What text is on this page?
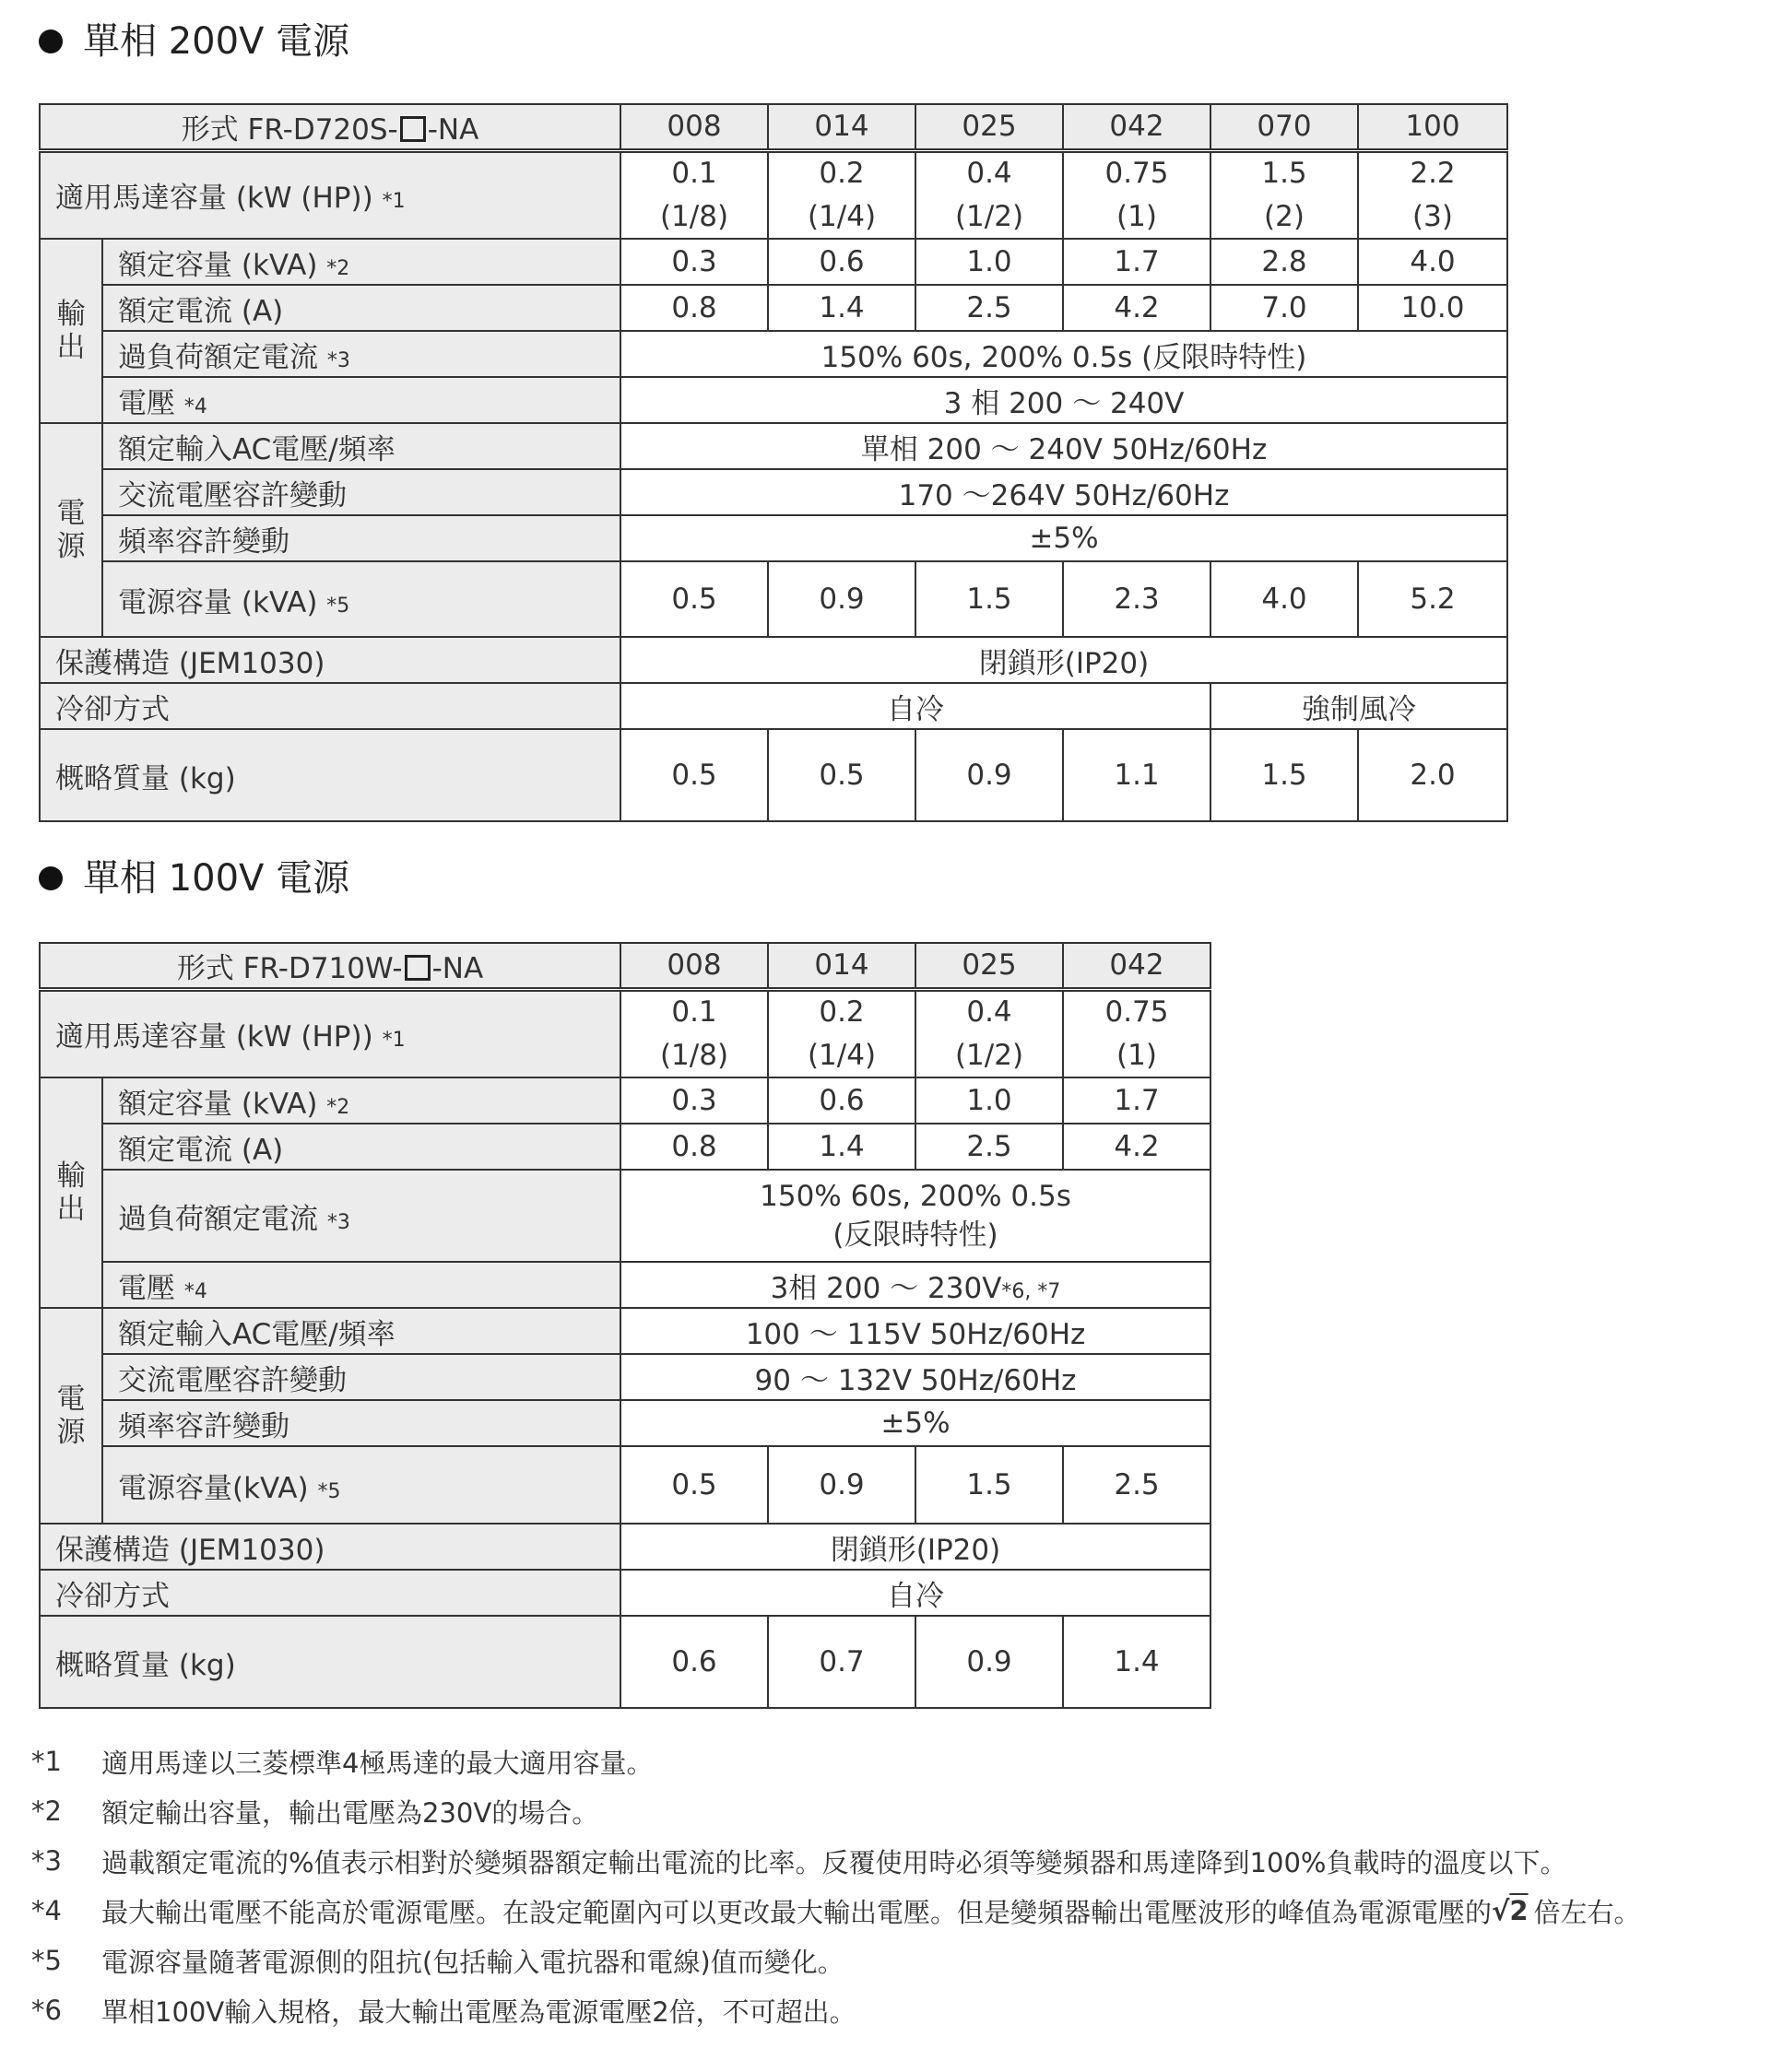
單相 200V 電源
形式 FR-D720S- -NA		008	014	025	042	070	100
適用馬達容量 (kW (HP)) *1		0.1	0.2	0.4	0.75	1.5	2.2
		(1/8)	(1/4)	(1/2)	(1)	(2)	(3)

輸
出	額定容量 (kVA) *2	0.3	0.6	1.0	1.7	2.8	4.0
	額定電流 (A)	0.8	1.4	2.5	4.2	7.0	10.0
	過負荷額定電流 *3	150% 60s, 200% 0.5s (反限時特性)					
	電壓 *4	3 相 200 ～ 240V					

電
源	額定輸入AC電壓/頻率	單相 200 ～ 240V 50Hz/60Hz					
	交流電壓容許變動	170 ～264V 50Hz/60Hz					
	頻率容許變動	±5%					
	電源容量 (kVA) *5	0.5	0.9	1.5	2.3	4.0	5.2
保護構造 (JEM1030)		閉鎖形(IP20)					
冷卻方式		自冷				強制風冷	
概略質量 (kg)		0.5	0.5	0.9	1.1	1.5	2.0
單相 100V 電源
形式 FR-D710W- -NA		008	014	025	042
適用馬達容量 (kW (HP)) *1		0.1	0.2	0.4	0.75
		(1/8)	(1/4)	(1/2)	(1)

輸
出	額定容量 (kVA) *2	0.3	0.6	1.0	1.7
	額定電流 (A)	0.8	1.4	2.5	4.2
	過負荷額定電流 *3	150% 60s, 200% 0.5s
(反限時特性)			

	電壓 *4	3相 200 ～ 230V*6, *7			

電
源	額定輸入AC電壓/頻率	100 ～ 115V 50Hz/60Hz			
	交流電壓容許變動	90 ～ 132V 50Hz/60Hz			
	頻率容許變動	±5%			
	電源容量(kVA) *5	0.5	0.9	1.5	2.5
保護構造 (JEM1030)		閉鎖形(IP20)			
冷卻方式		自冷			
概略質量 (kg)		0.6	0.7	0.9	1.4
*1	適用馬達以三菱標準4極馬達的最大適用容量。
*2	額定輸出容量，輸出電壓為230V的場合。
*3	過載額定電流的%值表示相對於變頻器額定輸出電流的比率。反覆使用時必須等變頻器和馬達降到100%負載時的溫度以下。
*4	最大輸出電壓不能高於電源電壓。在設定範圍內可以更改最大輸出電壓。但是變頻器輸出電壓波形的峰值為電源電壓的 √2 倍左右。
*5	電源容量隨著電源側的阻抗(包括輸入電抗器和電線)值而變化。
*6	單相100V輸入規格，最大輸出電壓為電源電壓2倍，不可超出。
